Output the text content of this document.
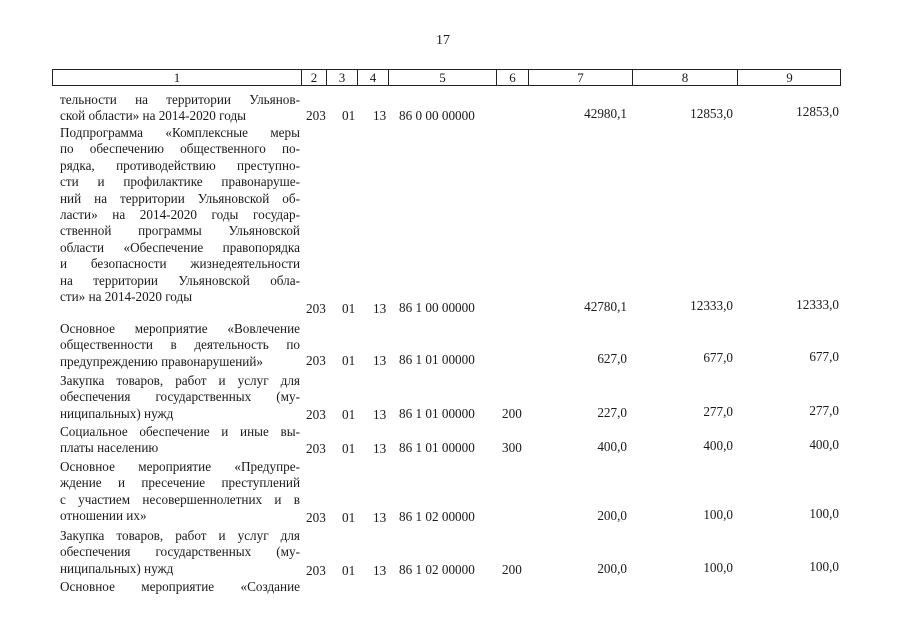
17
1	2	3	4	5	6	7	8	9
тельности на территории Ульянов-
ской области» на 2014-2020 годы	203 01 13 86 0 00 00000	42980,1	12853,0	12853,0
Подпрограмма «Комплексные меры
по обеспечению общественного по-
рядка, противодействию преступно-
сти и профилактике правонаруше-
ний на территории Ульяновской об-
ласти» на 2014-2020 годы государ-
ственной программы Ульяновской
области «Обеспечение правопорядка
и безопасности жизнедеятельности
на территории Ульяновской обла-
сти» на 2014-2020 годы
203 01 13 86 1 00 00000	42780,1	12333,0	12333,0
Основное мероприятие «Вовлечение
общественности в деятельность по
предупреждению правонарушений»	203 01 13 86 1 01 00000	627,0	677,0	677,0
Закупка товаров, работ и услуг для
обеспечения государственных (му-
ниципальных) нужд	203 01 13 86 1 01 00000 200	227,0	277,0	277,0
Социальное обеспечение и иные вы-
платы населению	203 01 13 86 1 01 00000 300	400,0	400,0	400,0
Основное мероприятие «Предупре-
ждение и пресечение преступлений
с участием несовершеннолетних и в
отношении их»	203 01 13 86 1 02 00000	200,0	100,0	100,0
Закупка товаров, работ и услуг для
обеспечения государственных (му-
ниципальных) нужд	203 01 13 86 1 02 00000 200	200,0	100,0	100,0
Основное мероприятие «Создание
